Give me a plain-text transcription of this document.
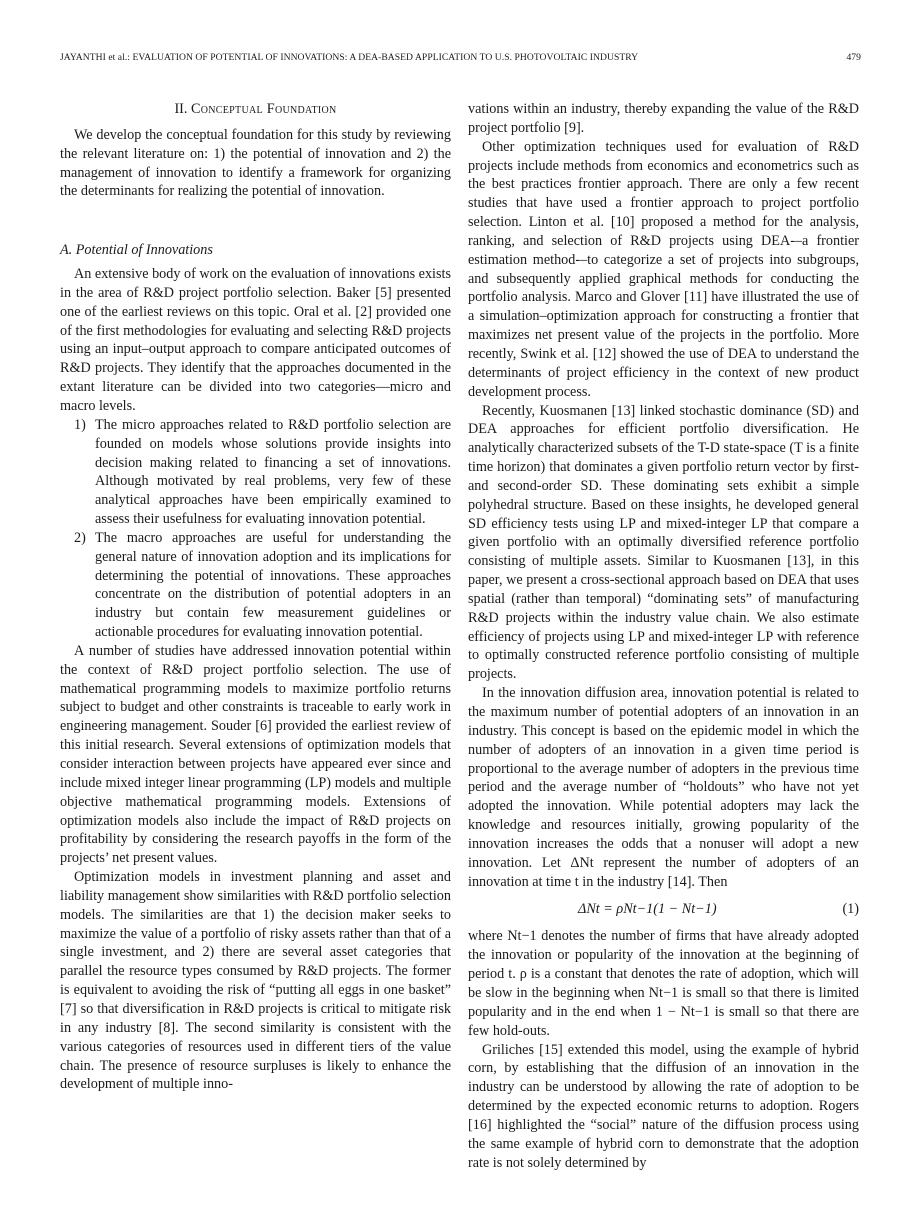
JAYANTHI et al.: EVALUATION OF POTENTIAL OF INNOVATIONS: A DEA-BASED APPLICATION TO U.S. PHOTOVOLTAIC INDUSTRY	479
II. Conceptual Foundation

We develop the conceptual foundation for this study by reviewing the relevant literature on: 1) the potential of innovation and 2) the management of innovation to identify a framework for organizing the determinants for realizing the potential of innovation.

A. Potential of Innovations

An extensive body of work on the evaluation of innovations exists in the area of R&D project portfolio selection. Baker [5] presented one of the earliest reviews on this topic. Oral et al. [2] provided one of the first methodologies for evaluating and selecting R&D projects using an input–output approach to compare anticipated outcomes of R&D projects. They identify that the approaches documented in the extant literature can be divided into two categories—micro and macro levels.

1) The micro approaches related to R&D portfolio selection are founded on models whose solutions provide insights into decision making related to financing a set of innovations. Although motivated by real problems, very few of these analytical approaches have been empirically examined to assess their usefulness for evaluating innovation potential.
2) The macro approaches are useful for understanding the general nature of innovation adoption and its implications for determining the potential of innovations. These approaches concentrate on the distribution of potential adopters in an industry but contain few measurement guidelines or actionable procedures for evaluating innovation potential.

A number of studies have addressed innovation potential within the context of R&D project portfolio selection. The use of mathematical programming models to maximize portfolio returns subject to budget and other constraints is traceable to early work in engineering management. Souder [6] provided the earliest review of this initial research. Several extensions of optimization models that consider interaction between projects have appeared ever since and include mixed integer linear programming (LP) models and multiple objective mathematical programming models. Extensions of optimization models also include the impact of R&D projects on profitability by considering the research payoffs in the form of the projects’ net present values.

Optimization models in investment planning and asset and liability management show similarities with R&D portfolio selection models. The similarities are that 1) the decision maker seeks to maximize the value of a portfolio of risky assets rather than that of a single investment, and 2) there are several asset categories that parallel the resource types consumed by R&D projects. The former is equivalent to avoiding the risk of “putting all eggs in one basket” [7] so that diversification in R&D projects is critical to mitigate risk in any industry [8]. The second similarity is consistent with the various categories of resources used in different tiers of the value chain. The presence of resource surpluses is likely to enhance the development of multiple inno-

vations within an industry, thereby expanding the value of the R&D project portfolio [9].

Other optimization techniques used for evaluation of R&D projects include methods from economics and econometrics such as the best practices frontier approach. There are only a few recent studies that have used a frontier approach to project portfolio selection. Linton et al. [10] proposed a method for the analysis, ranking, and selection of R&D projects using DEA-–a frontier estimation method-–to categorize a set of projects into subgroups, and subsequently applied graphical methods for conducting the portfolio analysis. Marco and Glover [11] have illustrated the use of a simulation–optimization approach for constructing a frontier that maximizes net present value of the projects in the portfolio. More recently, Swink et al. [12] showed the use of DEA to understand the determinants of project efficiency in the context of new product development process.

Recently, Kuosmanen [13] linked stochastic dominance (SD) and DEA approaches for efficient portfolio diversification. He analytically characterized subsets of the T-D state-space (T is a finite time horizon) that dominates a given portfolio return vector by first- and second-order SD. These dominating sets exhibit a simple polyhedral structure. Based on these insights, he developed general SD efficiency tests using LP and mixed-integer LP that compare a given portfolio with an optimally diversified reference portfolio consisting of multiple assets. Similar to Kuosmanen [13], in this paper, we present a cross-sectional approach based on DEA that uses spatial (rather than temporal) “dominating sets” of manufacturing R&D projects within the industry value chain. We also estimate efficiency of projects using LP and mixed-integer LP with reference to optimally constructed reference portfolio consisting of multiple projects.

In the innovation diffusion area, innovation potential is related to the maximum number of potential adopters of an innovation in an industry. This concept is based on the epidemic model in which the number of adopters of an innovation in a given time period is proportional to the average number of adopters in the previous time period and the average number of “holdouts” who have not yet adopted the innovation. While potential adopters may lack the knowledge and resources initially, growing popularity of the innovation increases the odds that a nonuser will adopt a new innovation. Let ΔNt represent the number of adopters of an innovation at time t in the industry [14]. Then

ΔNt = ρNt−1(1 − Nt−1)	(1)

where Nt−1 denotes the number of firms that have already adopted the innovation or popularity of the innovation at the beginning of period t. ρ is a constant that denotes the rate of adoption, which will be slow in the beginning when Nt−1 is small so that there is limited popularity and in the end when 1 − Nt−1 is small so that there are few hold-outs.

Griliches [15] extended this model, using the example of hybrid corn, by establishing that the diffusion of an innovation in the industry can be understood by allowing the rate of adoption to be determined by the expected economic returns to adoption. Rogers [16] highlighted the “social” nature of the diffusion process using the same example of hybrid corn to demonstrate that the adoption rate is not solely determined by
